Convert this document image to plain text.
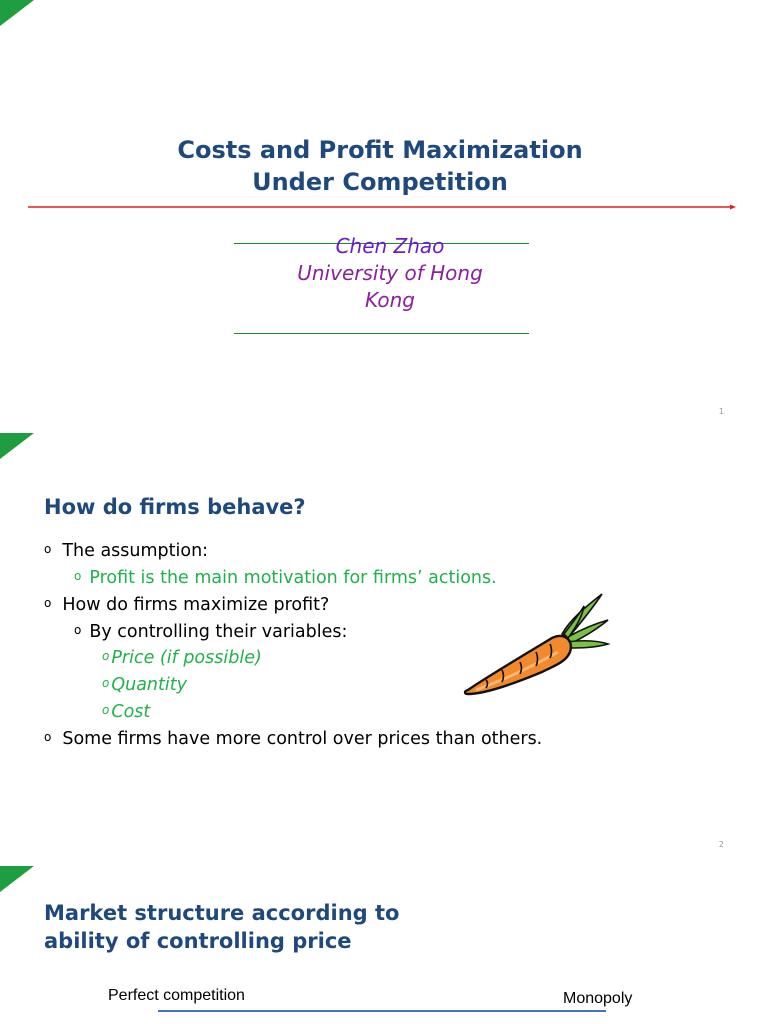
Costs and Profit Maximization
Under Competition
Chen Zhao
University of Hong
Kong
1
How do firms behave?
o The assumption:
o Profit is the main motivation for firms’ actions.
o How do firms maximize profit?
o By controlling their variables:
o Price (if possible)
o Quantity
o Cost
o Some firms have more control over prices than others.
2
Market structure according to
ability of controlling price
Perfect competition	Monopoly
